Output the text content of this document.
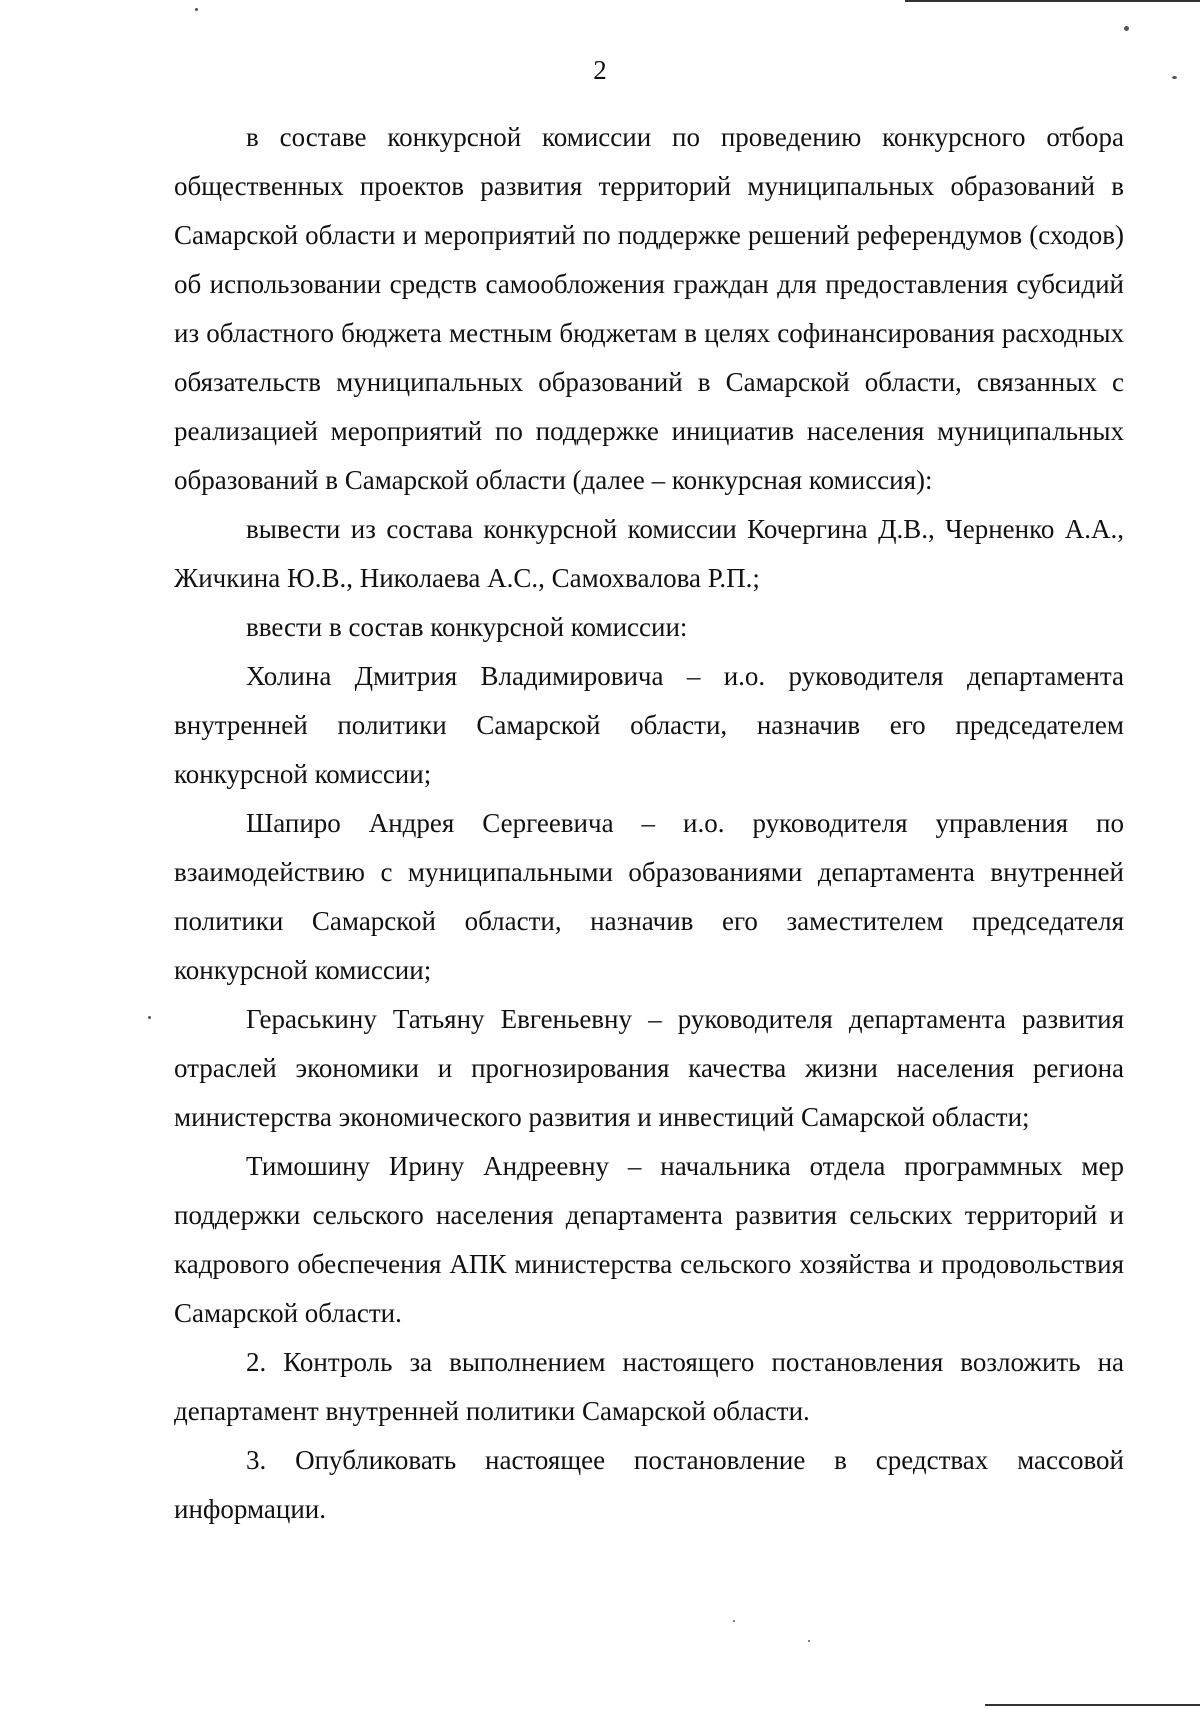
2

в составе конкурсной комиссии по проведению конкурсного отбора общественных проектов развития территорий муниципальных образований в Самарской области и мероприятий по поддержке решений референдумов (сходов) об использовании средств самообложения граждан для предоставления субсидий из областного бюджета местным бюджетам в целях софинансирования расходных обязательств муниципальных образований в Самарской области, связанных с реализацией мероприятий по поддержке инициатив населения муниципальных образований в Самарской области (далее – конкурсная комиссия):

вывести из состава конкурсной комиссии Кочергина Д.В., Черненко А.А., Жичкина Ю.В., Николаева А.С., Самохвалова Р.П.;

ввести в состав конкурсной комиссии:

Холина Дмитрия Владимировича – и.о. руководителя департамента внутренней политики Самарской области, назначив его председателем конкурсной комиссии;

Шапиро Андрея Сергеевича – и.о. руководителя управления по взаимодействию с муниципальными образованиями департамента внутренней политики Самарской области, назначив его заместителем председателя конкурсной комиссии;

Гераськину Татьяну Евгеньевну – руководителя департамента развития отраслей экономики и прогнозирования качества жизни населения региона министерства экономического развития и инвестиций Самарской области;

Тимошину Ирину Андреевну – начальника отдела программных мер поддержки сельского населения департамента развития сельских территорий и кадрового обеспечения АПК министерства сельского хозяйства и продовольствия Самарской области.

2. Контроль за выполнением настоящего постановления возложить на департамент внутренней политики Самарской области.

3. Опубликовать настоящее постановление в средствах массовой информации.
